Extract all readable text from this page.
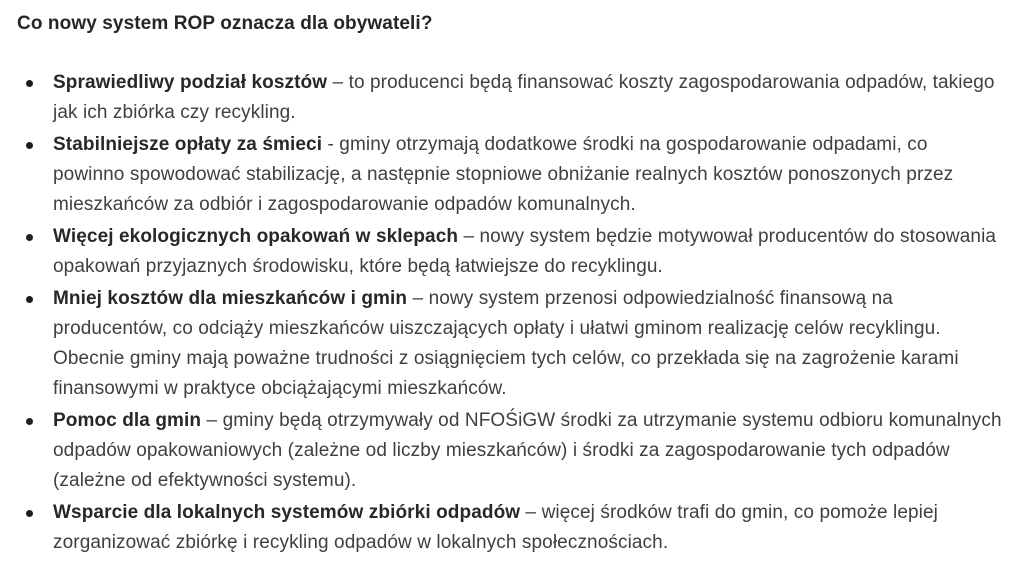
Co nowy system ROP oznacza dla obywateli?
Sprawiedliwy podział kosztów – to producenci będą finansować koszty zagospodarowania odpadów, takiego jak ich zbiórka czy recykling.
Stabilniejsze opłaty za śmieci - gminy otrzymają dodatkowe środki na gospodarowanie odpadami, co powinno spowodować stabilizację, a następnie stopniowe obniżanie realnych kosztów ponoszonych przez mieszkańców za odbiór i zagospodarowanie odpadów komunalnych.
Więcej ekologicznych opakowań w sklepach – nowy system będzie motywował producentów do stosowania opakowań przyjaznych środowisku, które będą łatwiejsze do recyklingu.
Mniej kosztów dla mieszkańców i gmin – nowy system przenosi odpowiedzialność finansową na producentów, co odciąży mieszkańców uiszczających opłaty i ułatwi gminom realizację celów recyklingu. Obecnie gminy mają poważne trudności z osiągnięciem tych celów, co przekłada się na zagrożenie karami finansowymi w praktyce obciążającymi mieszkańców.
Pomoc dla gmin – gminy będą otrzymywały od NFOŚiGW środki za utrzymanie systemu odbioru komunalnych odpadów opakowaniowych (zależne od liczby mieszkańców) i środki za zagospodarowanie tych odpadów (zależne od efektywności systemu).
Wsparcie dla lokalnych systemów zbiórki odpadów – więcej środków trafi do gmin, co pomoże lepiej zorganizować zbiórkę i recykling odpadów w lokalnych społecznościach.
